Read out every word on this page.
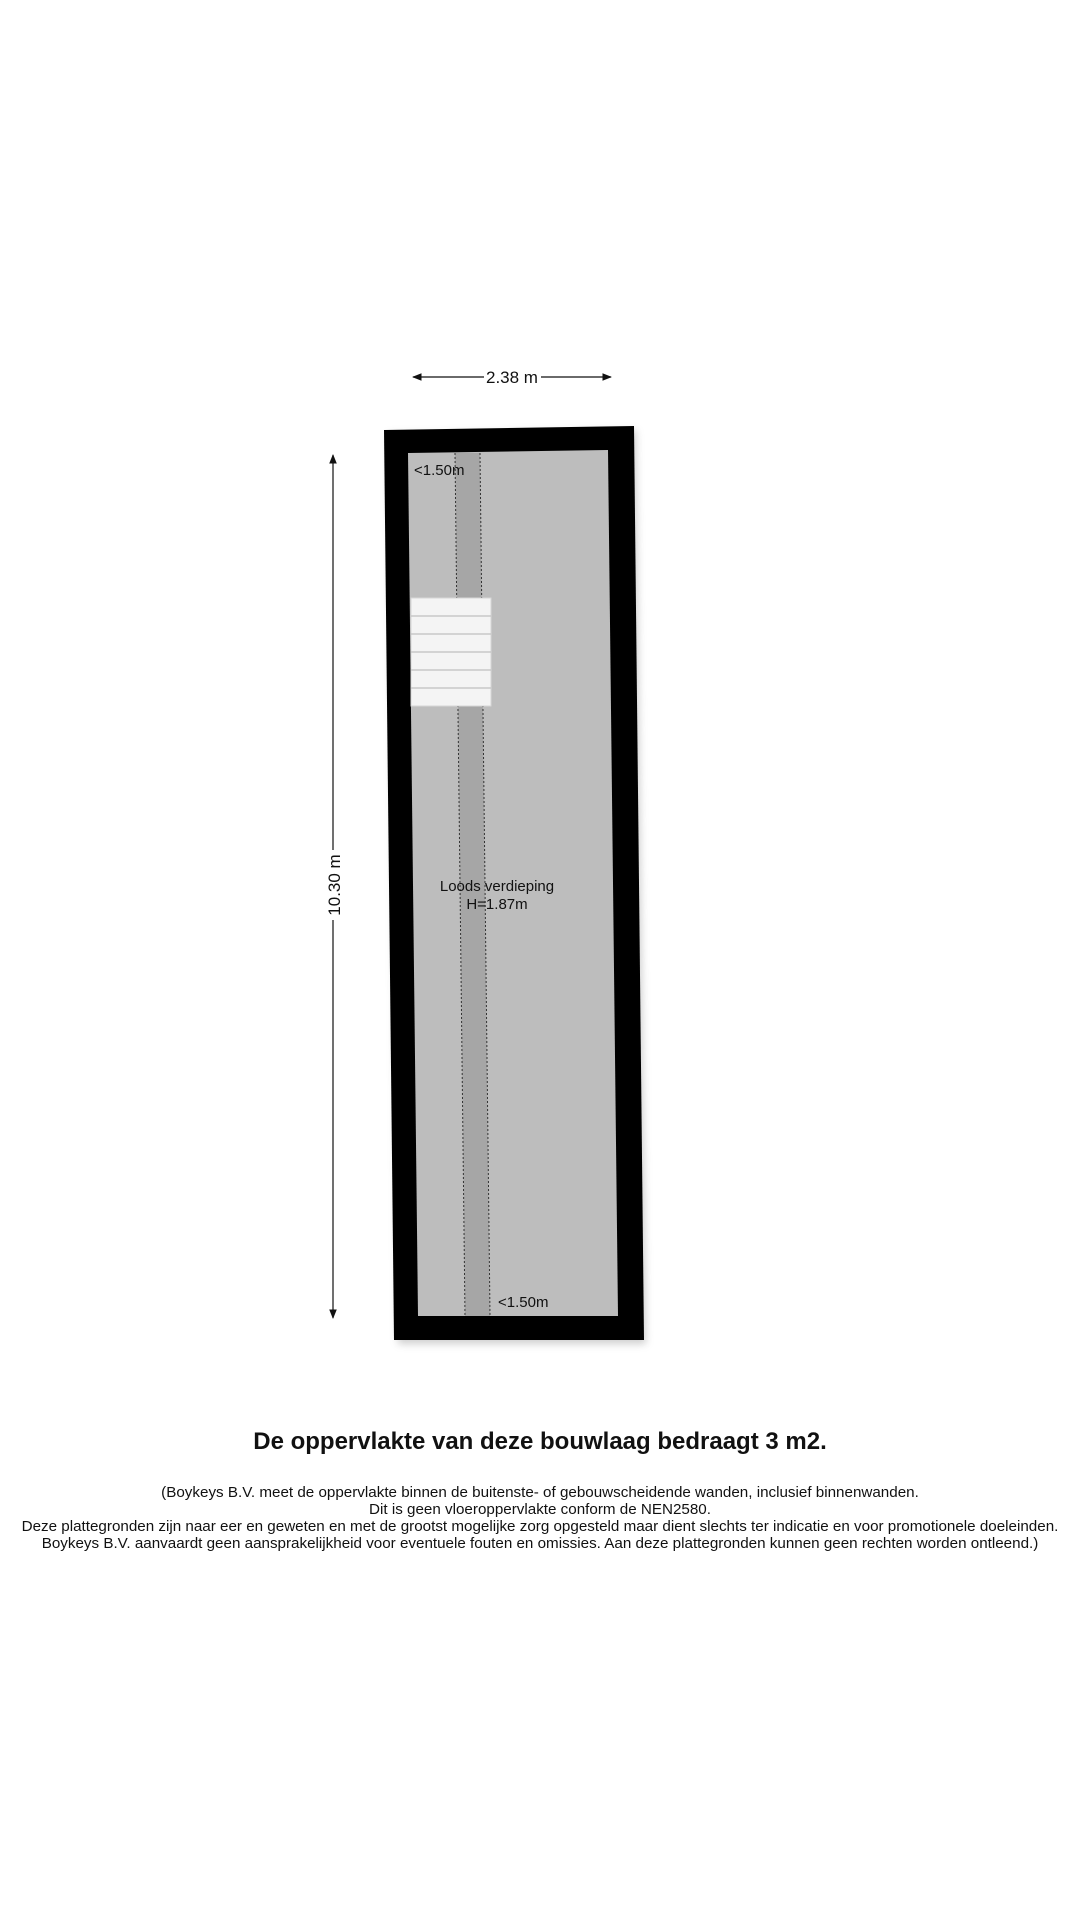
2.38 m
10.30 m
<1.50m
<1.50m
Loods verdieping
H=1.87m
De oppervlakte van deze bouwlaag bedraagt 3 m2.
(Boykeys B.V. meet de oppervlakte binnen de buitenste- of gebouwscheidende wanden, inclusief binnenwanden.
Dit is geen vloeroppervlakte conform de NEN2580.
Deze plattegronden zijn naar eer en geweten en met de grootst mogelijke zorg opgesteld maar dient slechts ter indicatie en voor promotionele doeleinden.
Boykeys B.V. aanvaardt geen aansprakelijkheid voor eventuele fouten en omissies. Aan deze plattegronden kunnen geen rechten worden ontleend.)
